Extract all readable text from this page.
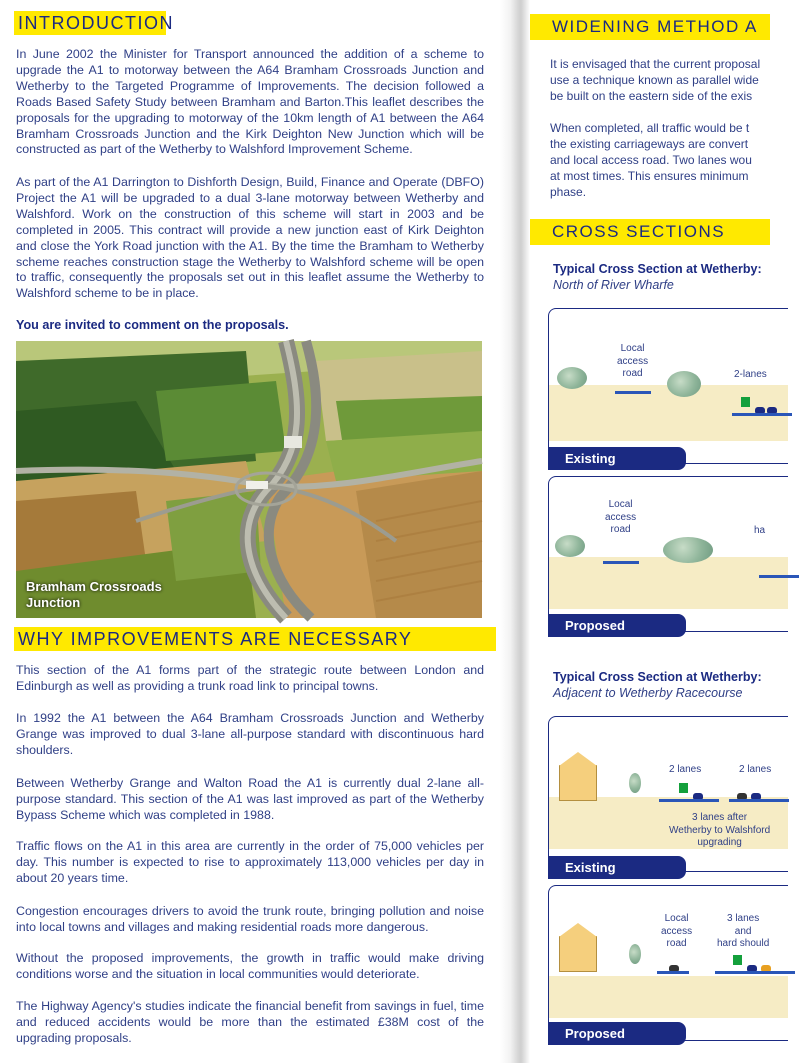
INTRODUCTION

In June 2002 the Minister for Transport announced the addition of a scheme to upgrade the A1 to motorway between the A64 Bramham Crossroads Junction and Wetherby to the Targeted Programme of Improvements. The decision followed a Roads Based Safety Study between Bramham and Barton.This leaflet describes the proposals for the upgrading to motorway of the 10km length of A1 between the A64 Bramham Crossroads Junction and the Kirk Deighton New Junction which will be constructed as part of the Wetherby to Walshford Improvement Scheme.

As part of the A1 Darrington to Dishforth Design, Build, Finance and Operate (DBFO) Project the A1 will be upgraded to a dual 3-lane motorway between Wetherby and Walshford. Work on the construction of this scheme will start in 2003 and be completed in 2005. This contract will provide a new junction east of Kirk Deighton and close the York Road junction with the A1. By the time the Bramham to Wetherby scheme reaches construction stage the Wetherby to Walshford scheme will be open to traffic, consequently the proposals set out in this leaflet assume the Wetherby to Walshford scheme to be in place.

You are invited to comment on the proposals.
Bramham Crossroads
Junction
WHY IMPROVEMENTS ARE NECESSARY

This section of the A1 forms part of the strategic route between London and Edinburgh as well as providing a trunk road link to principal towns.

In 1992 the A1 between the A64 Bramham Crossroads Junction and Wetherby Grange was improved to dual 3-lane all-purpose standard with discontinuous hard shoulders.

Between Wetherby Grange and Walton Road the A1 is currently dual 2-lane all-purpose standard. This section of the A1 was last improved as part of the Wetherby Bypass Scheme which was completed in 1988.

Traffic flows on the A1 in this area are currently in the order of 75,000 vehicles per day. This number is expected to rise to approximately 113,000 vehicles per day in about 20 years time.

Congestion encourages drivers to avoid the trunk route, bringing pollution and noise into local towns and villages and making residential roads more dangerous.

Without the proposed improvements, the growth in traffic would make driving conditions worse and the situation in local communities would deteriorate.

The Highway Agency's studies indicate the financial benefit from savings in fuel, time and reduced accidents would be more than the estimated £38M cost of the upgrading proposals.

WIDENING METHOD A
It is envisaged that the current proposal
use a technique known as parallel wide
be built on the eastern side of the exis
When completed, all traffic would be t
the existing carriageways are convert
and local access road. Two lanes wou
at most times. This ensures minimum
phase.
CROSS SECTIONS
Typical Cross Section at Wetherby:
North of River Wharfe
Local
access
road	2-lanes
Existing
Local
access
road	ha
Proposed
Typical Cross Section at Wetherby:
Adjacent to Wetherby Racecourse
2 lanes	2 lanes
3 lanes after
Wetherby to Walshford
upgrading
Existing
Local
access
road
3 lanes
and
hard should
Proposed
